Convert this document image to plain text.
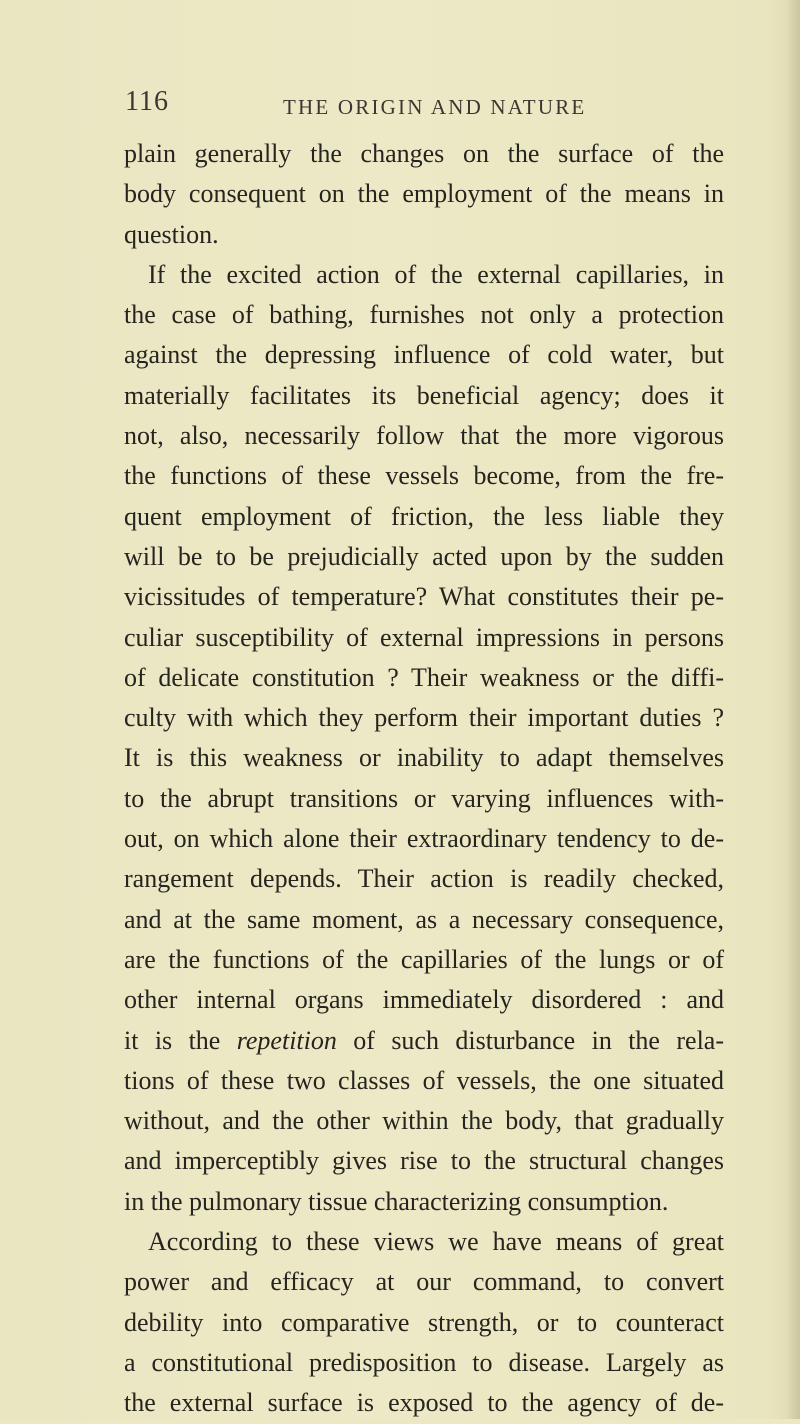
116	THE ORIGIN AND NATURE
plain generally the changes on the surface of the
body consequent on the employment of the means in
question.
If the excited action of the external capillaries, in
the case of bathing, furnishes not only a protection
against the depressing influence of cold water, but
materially facilitates its beneficial agency; does it
not, also, necessarily follow that the more vigorous
the functions of these vessels become, from the fre-
quent employment of friction, the less liable they
will be to be prejudicially acted upon by the sudden
vicissitudes of temperature? What constitutes their pe-
culiar susceptibility of external impressions in persons
of delicate constitution ? Their weakness or the diffi-
culty with which they perform their important duties ?
It is this weakness or inability to adapt themselves
to the abrupt transitions or varying influences with-
out, on which alone their extraordinary tendency to de-
rangement depends. Their action is readily checked,
and at the same moment, as a necessary consequence,
are the functions of the capillaries of the lungs or of
other internal organs immediately disordered : and
it is the repetition of such disturbance in the rela-
tions of these two classes of vessels, the one situated
without, and the other within the body, that gradually
and imperceptibly gives rise to the structural changes
in the pulmonary tissue characterizing consumption.
According to these views we have means of great
power and efficacy at our command, to convert
debility into comparative strength, or to counteract
a constitutional predisposition to disease. Largely as
the external surface is exposed to the agency of de-
